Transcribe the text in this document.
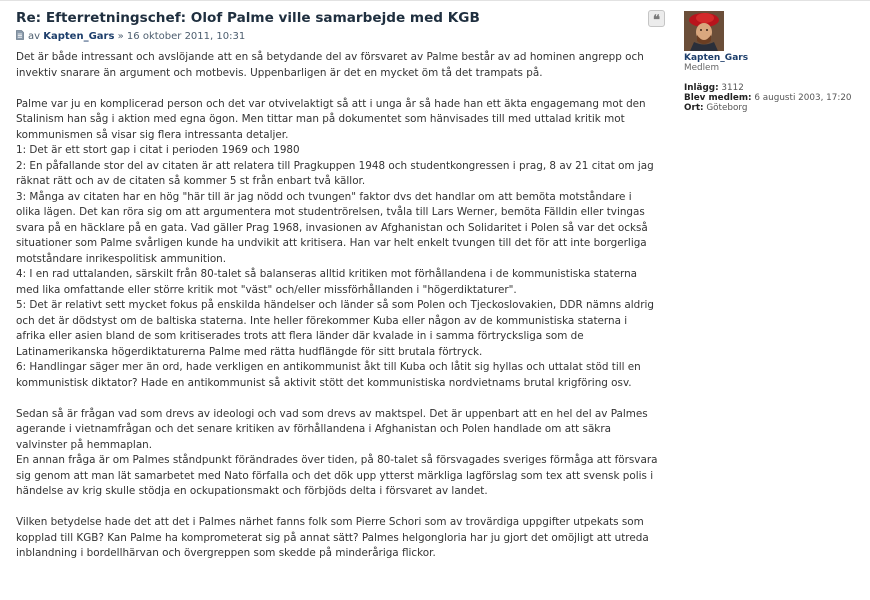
Re: Efterretningschef: Olof Palme ville samarbejde med KGB
av Kapten_Gars » 16 oktober 2011, 10:31
❝

Det är både intressant och avslöjande att en så betydande del av försvaret av Palme består av ad hominen angrepp och
invektiv snarare än argument och motbevis. Uppenbarligen är det en mycket öm tå det trampats på.

Palme var ju en komplicerad person och det var otvivelaktigt så att i unga år så hade han ett äkta engagemang mot den
Stalinism han såg i aktion med egna ögon. Men tittar man på dokumentet som hänvisades till med uttalad kritik mot
kommunismen så visar sig flera intressanta detaljer.
1: Det är ett stort gap i citat i perioden 1969 och 1980
2: En påfallande stor del av citaten är att relatera till Pragkuppen 1948 och studentkongressen i prag, 8 av 21 citat om jag
räknat rätt och av de citaten så kommer 5 st från enbart två källor.
3: Många av citaten har en hög "här till är jag nödd och tvungen" faktor dvs det handlar om att bemöta motståndare i
olika lägen. Det kan röra sig om att argumentera mot studentrörelsen, tvåla till Lars Werner, bemöta Fälldin eller tvingas
svara på en häcklare på en gata. Vad gäller Prag 1968, invasionen av Afghanistan och Solidaritet i Polen så var det också
situationer som Palme svårligen kunde ha undvikit att kritisera. Han var helt enkelt tvungen till det för att inte borgerliga
motståndare inrikespolitisk ammunition.
4: I en rad uttalanden, särskilt från 80-talet så balanseras alltid kritiken mot förhållandena i de kommunistiska staterna
med lika omfattande eller större kritik mot "väst" och/eller missförhållanden i "högerdiktaturer".
5: Det är relativt sett mycket fokus på enskilda händelser och länder så som Polen och Tjeckoslovakien, DDR nämns aldrig
och det är dödstyst om de baltiska staterna. Inte heller förekommer Kuba eller någon av de kommunistiska staterna i
afrika eller asien bland de som kritiserades trots att flera länder där kvalade in i samma förtrycksliga som de
Latinamerikanska högerdiktaturerna Palme med rätta hudflängde för sitt brutala förtryck.
6: Handlingar säger mer än ord, hade verkligen en antikommunist åkt till Kuba och låtit sig hyllas och uttalat stöd till en
kommunistisk diktator? Hade en antikommunist så aktivit stött det kommunistiska nordvietnams brutal krigföring osv.

Sedan så är frågan vad som drevs av ideologi och vad som drevs av maktspel. Det är uppenbart att en hel del av Palmes
agerande i vietnamfrågan och det senare kritiken av förhållandena i Afghanistan och Polen handlade om att säkra
valvinster på hemmaplan.
En annan fråga är om Palmes ståndpunkt förändrades över tiden, på 80-talet så försvagades sveriges förmåga att försvara
sig genom att man lät samarbetet med Nato förfalla och det dök upp ytterst märkliga lagförslag som tex att svensk polis i
händelse av krig skulle stödja en ockupationsmakt och förbjöds delta i försvaret av landet.

Vilken betydelse hade det att det i Palmes närhet fanns folk som Pierre Schori som av trovärdiga uppgifter utpekats som
kopplad till KGB? Kan Palme ha komprometerat sig på annat sätt? Palmes helgongloria har ju gjort det omöjligt att utreda
inblandning i bordellhärvan och övergreppen som skedde på minderåriga flickor.

Kapten_Gars
Medlem
Inlägg: 3112
Blev medlem: 6 augusti 2003, 17:20
Ort: Göteborg
